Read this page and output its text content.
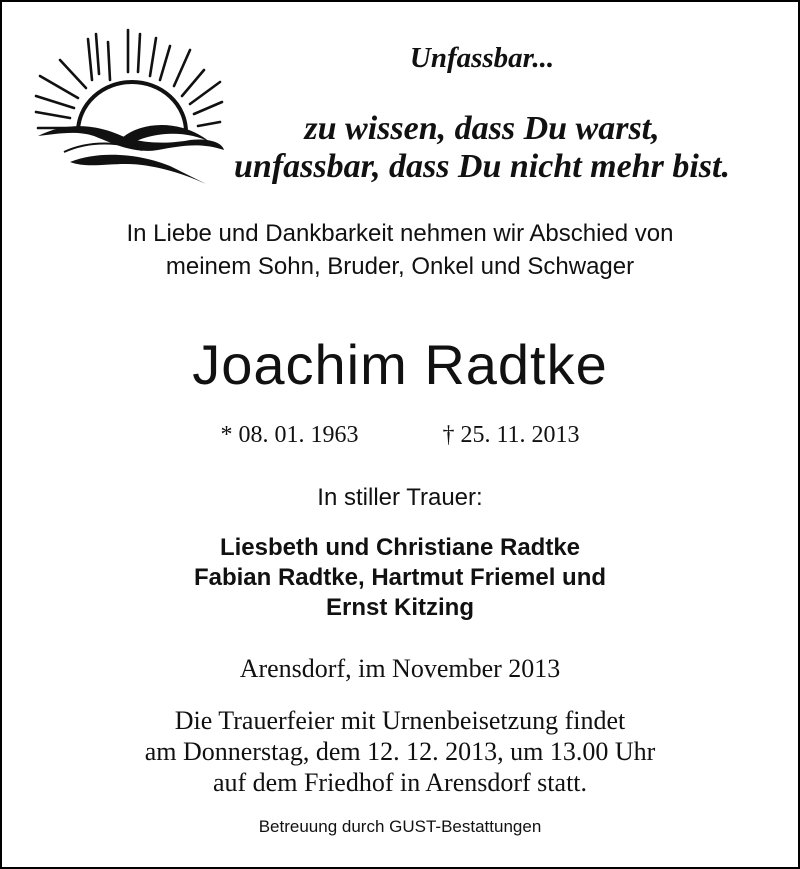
Unfassbar...
zu wissen, dass Du warst,
unfassbar, dass Du nicht mehr bist.
In Liebe und Dankbarkeit nehmen wir Abschied von
meinem Sohn, Bruder, Onkel und Schwager
Joachim Radtke
* 08. 01. 1963	† 25. 11. 2013
In stiller Trauer:
Liesbeth und Christiane Radtke
Fabian Radtke, Hartmut Friemel und
Ernst Kitzing
Arensdorf, im November 2013
Die Trauerfeier mit Urnenbeisetzung findet
am Donnerstag, dem 12. 12. 2013, um 13.00 Uhr
auf dem Friedhof in Arensdorf statt.
Betreuung durch GUST-Bestattungen
